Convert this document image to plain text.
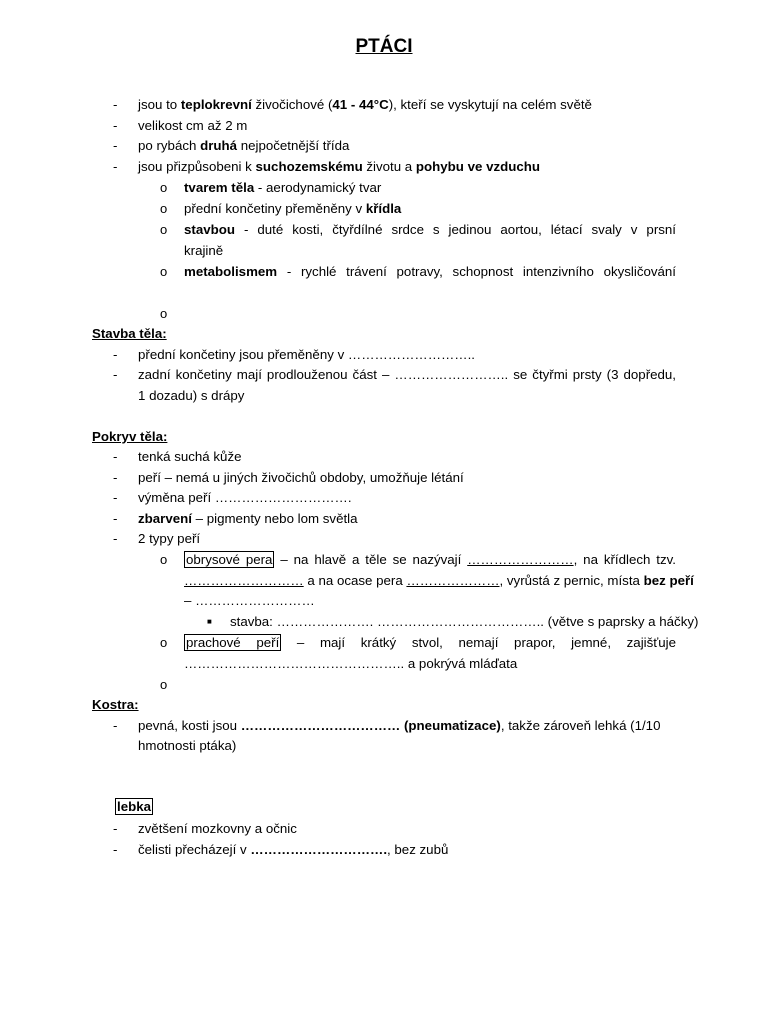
PTÁCI
- jsou to teplokrevní živočichové (41 - 44°C), kteří se vyskytují na celém světě
- velikost cm až 2 m
- po rybách druhá nejpočetnější třída
- jsou přizpůsobeni k suchozemskému životu a pohybu ve vzduchu
o tvarem těla - aerodynamický tvar
o přední končetiny přeměněny v křídla
o stavbou - duté kosti, čtyřdílné srdce s jedinou aortou, létací svaly v prsní
krajině
o metabolismem - rychlé trávení potravy, schopnost intenzivního okysličování
o
Stavba těla:
- přední končetiny jsou přeměněny v ………………………..
- zadní končetiny mají prodlouženou část – …………………….. se čtyřmi prsty (3 dopředu,
1 dozadu) s drápy
Pokryv těla:
- tenká suchá kůže
- peří – nemá u jiných živočichů obdoby, umožňuje létání
- výměna peří ………………………….
- zbarvení – pigmenty nebo lom světla
- 2 typy peří
o obrysové pera – na hlavě a těle se nazývají ……………………, na křídlech tzv.
……………………… a na ocase pera …………………, vyrůstá z pernic, místa bez peří
– ………………………
■ stavba: …………………. ……………………………….. (větve s paprsky a háčky)
o prachové peří – mají krátký stvol, nemají prapor, jemné, zajišťuje
………………………………………….. a pokrývá mláďata
o
Kostra:
- pevná, kosti jsou ……………………………… (pneumatizace), takže zároveň lehká (1/10
hmotnosti ptáka)
lebka
- zvětšení mozkovny a očnic
- čelisti přecházejí v …………………………., bez zubů
